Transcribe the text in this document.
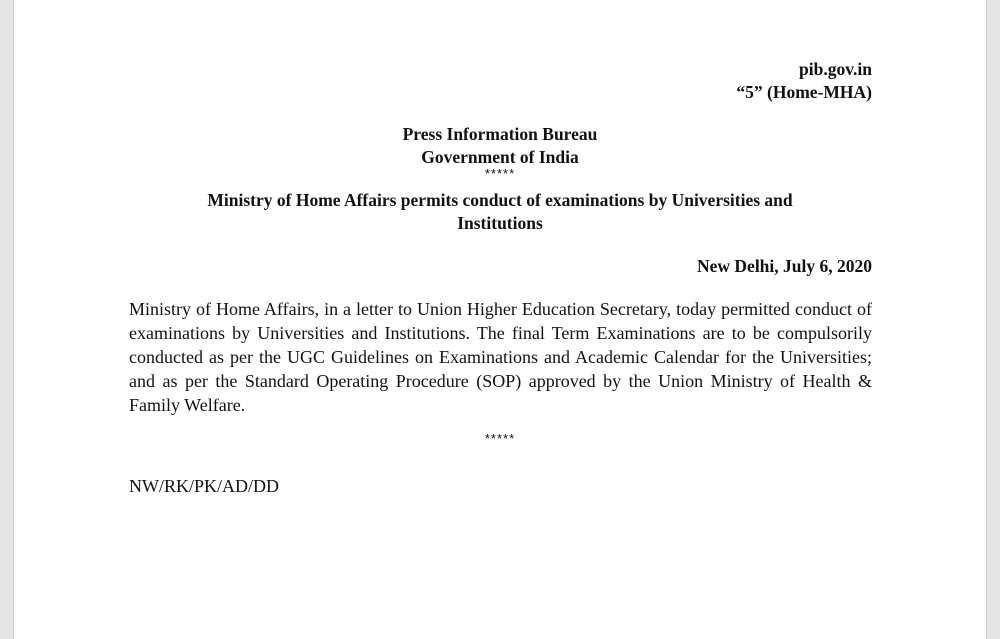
pib.gov.in
“5” (Home-MHA)
Press Information Bureau
Government of India
*****
Ministry of Home Affairs permits conduct of examinations by Universities and
Institutions
New Delhi, July 6, 2020
Ministry of Home Affairs, in a letter to Union Higher Education Secretary, today permitted conduct of examinations by Universities and Institutions. The final Term Examinations are to be compulsorily conducted as per the UGC Guidelines on Examinations and Academic Calendar for the Universities; and as per the Standard Operating Procedure (SOP) approved by the Union Ministry of Health & Family Welfare.
*****
NW/RK/PK/AD/DD
